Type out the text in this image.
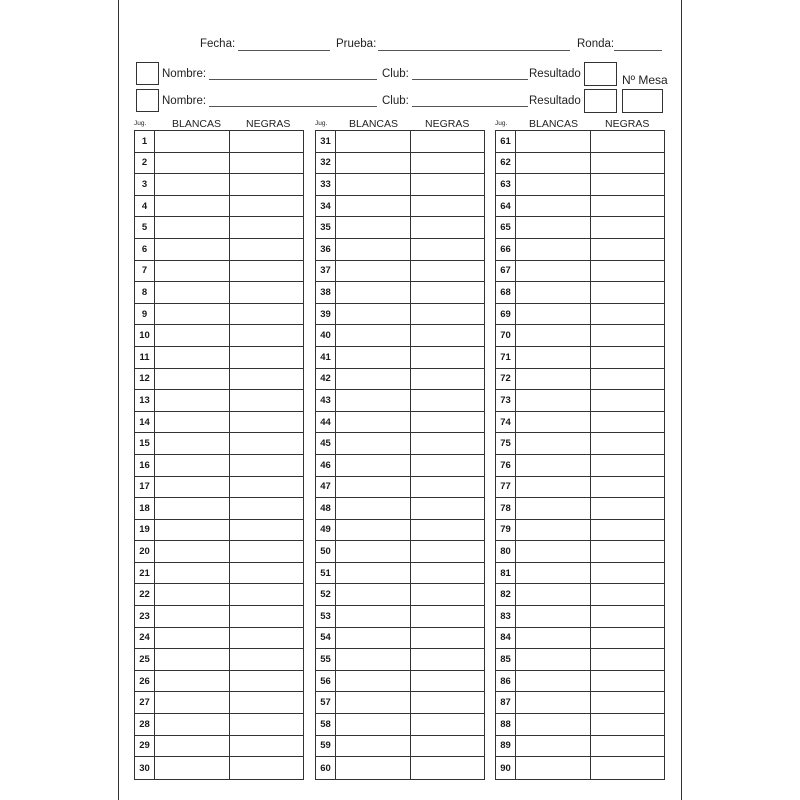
Fecha:	Prueba:	Ronda:
Nombre:	Club:	Resultado	Nº Mesa
Nombre:	Club:	Resultado
Jug. BLANCAS NEGRAS
1
2
3
4
5
6
7
8
9
10
11
12
13
14
15
16
17
18
19
20
21
22
23
24
25
26
27
28
29
30
Jug. BLANCAS	NEGRAS
31
32
33
34
35
36
37
38
39
40
41
42
43
44
45
46
47
48
49
50
51
52
53
54
55
56
57
58
59
60
Jug. BLANCAS	NEGRAS
61
62
63
64
65
66
67
68
69
70
71
72
73
74
75
76
77
78
79
80
81
82
83
84
85
86
87
88
89
90
